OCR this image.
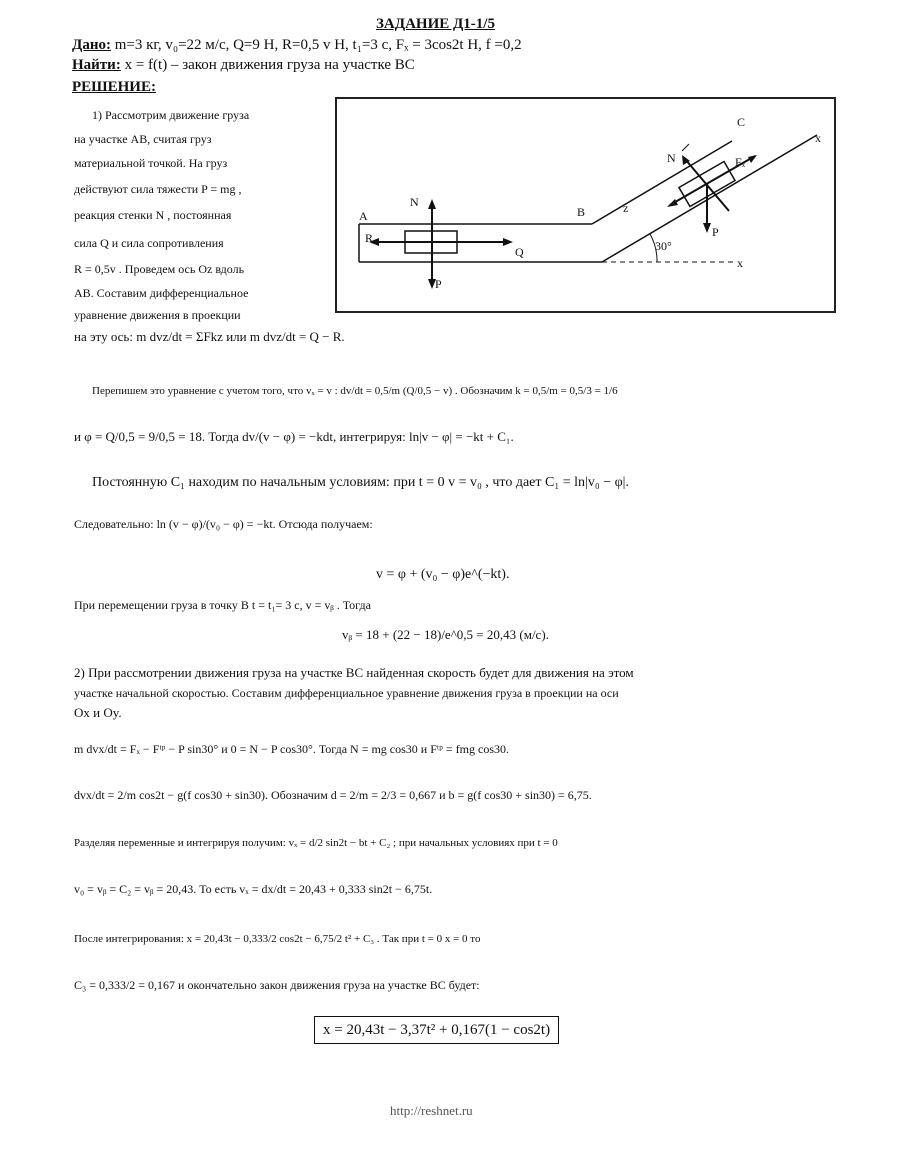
ЗАДАНИЕ Д1-1/5
Дано: m=3 кг, v₀=22 м/с, Q=9 Н, R=0,5 v Н, t₁=3 с, Fₓ = 3cos2t Н, f =0,2
Найти: x = f(t) – закон движения груза на участке BC
РЕШЕНИЕ:
1) Рассмотрим движение груза
на участке AB, считая груз
материальной точкой. На груз
действуют сила тяжести P = mg ,
реакция стенки N , постоянная
сила Q и сила сопротивления
R = 0,5v . Проведем ось Oz вдоль
AB. Составим дифференциальное
уравнение движения в проекции
на эту ось: m dvz/dt = ΣFkz или m dvz/dt = Q − R.
A	B
C
N
P
Q
R
N
P
Fₓ
30°
x
x
z
Перепишем это уравнение с учетом того, что vₓ = v : dv/dt = 0,5/m (Q/0,5 − v) . Обозначим k = 0,5/m = 0,5/3 = 1/6
и φ = Q/0,5 = 9/0,5 = 18. Тогда dv/(v − φ) = −kdt, интегрируя: ln|v − φ| = −kt + C₁.
Постоянную C₁ находим по начальным условиям: при t = 0 v = v₀ , что дает C₁ = ln|v₀ − φ|.
Следовательно: ln (v − φ)/(v₀ − φ) = −kt. Отсюда получаем:
v = φ + (v₀ − φ)e^(−kt).
При перемещении груза в точку B t = t₁= 3 c, v = vᵦ . Тогда
vᵦ = 18 + (22 − 18)/e^0,5 = 20,43 (м/с).
2) При рассмотрении движения груза на участке BC найденная скорость будет для движения на этом
участке начальной скоростью. Составим дифференциальное уравнение движения груза в проекции на оси
Ox и Oy.
m dvx/dt = Fₓ − Fᵗᵖ − P sin30° и 0 = N − P cos30°. Тогда N = mg cos30 и Fᵗᵖ = fmg cos30.
dvx/dt = 2/m cos2t − g(f cos30 + sin30). Обозначим d = 2/m = 2/3 = 0,667 и b = g(f cos30 + sin30) = 6,75.
Разделяя переменные и интегрируя получим: vₓ = d/2 sin2t − bt + C₂ ; при начальных условиях при t = 0
v₀ = vᵦ = C₂ = vᵦ = 20,43. То есть vₓ = dx/dt = 20,43 + 0,333 sin2t − 6,75t.
После интегрирования: x = 20,43t − 0,333/2 cos2t − 6,75/2 t² + C₃ . Так при t = 0 x = 0 то
C₃ = 0,333/2 = 0,167 и окончательно закон движения груза на участке BC будет:
x = 20,43t − 3,37t² + 0,167(1 − cos2t)
http://reshnet.ru
